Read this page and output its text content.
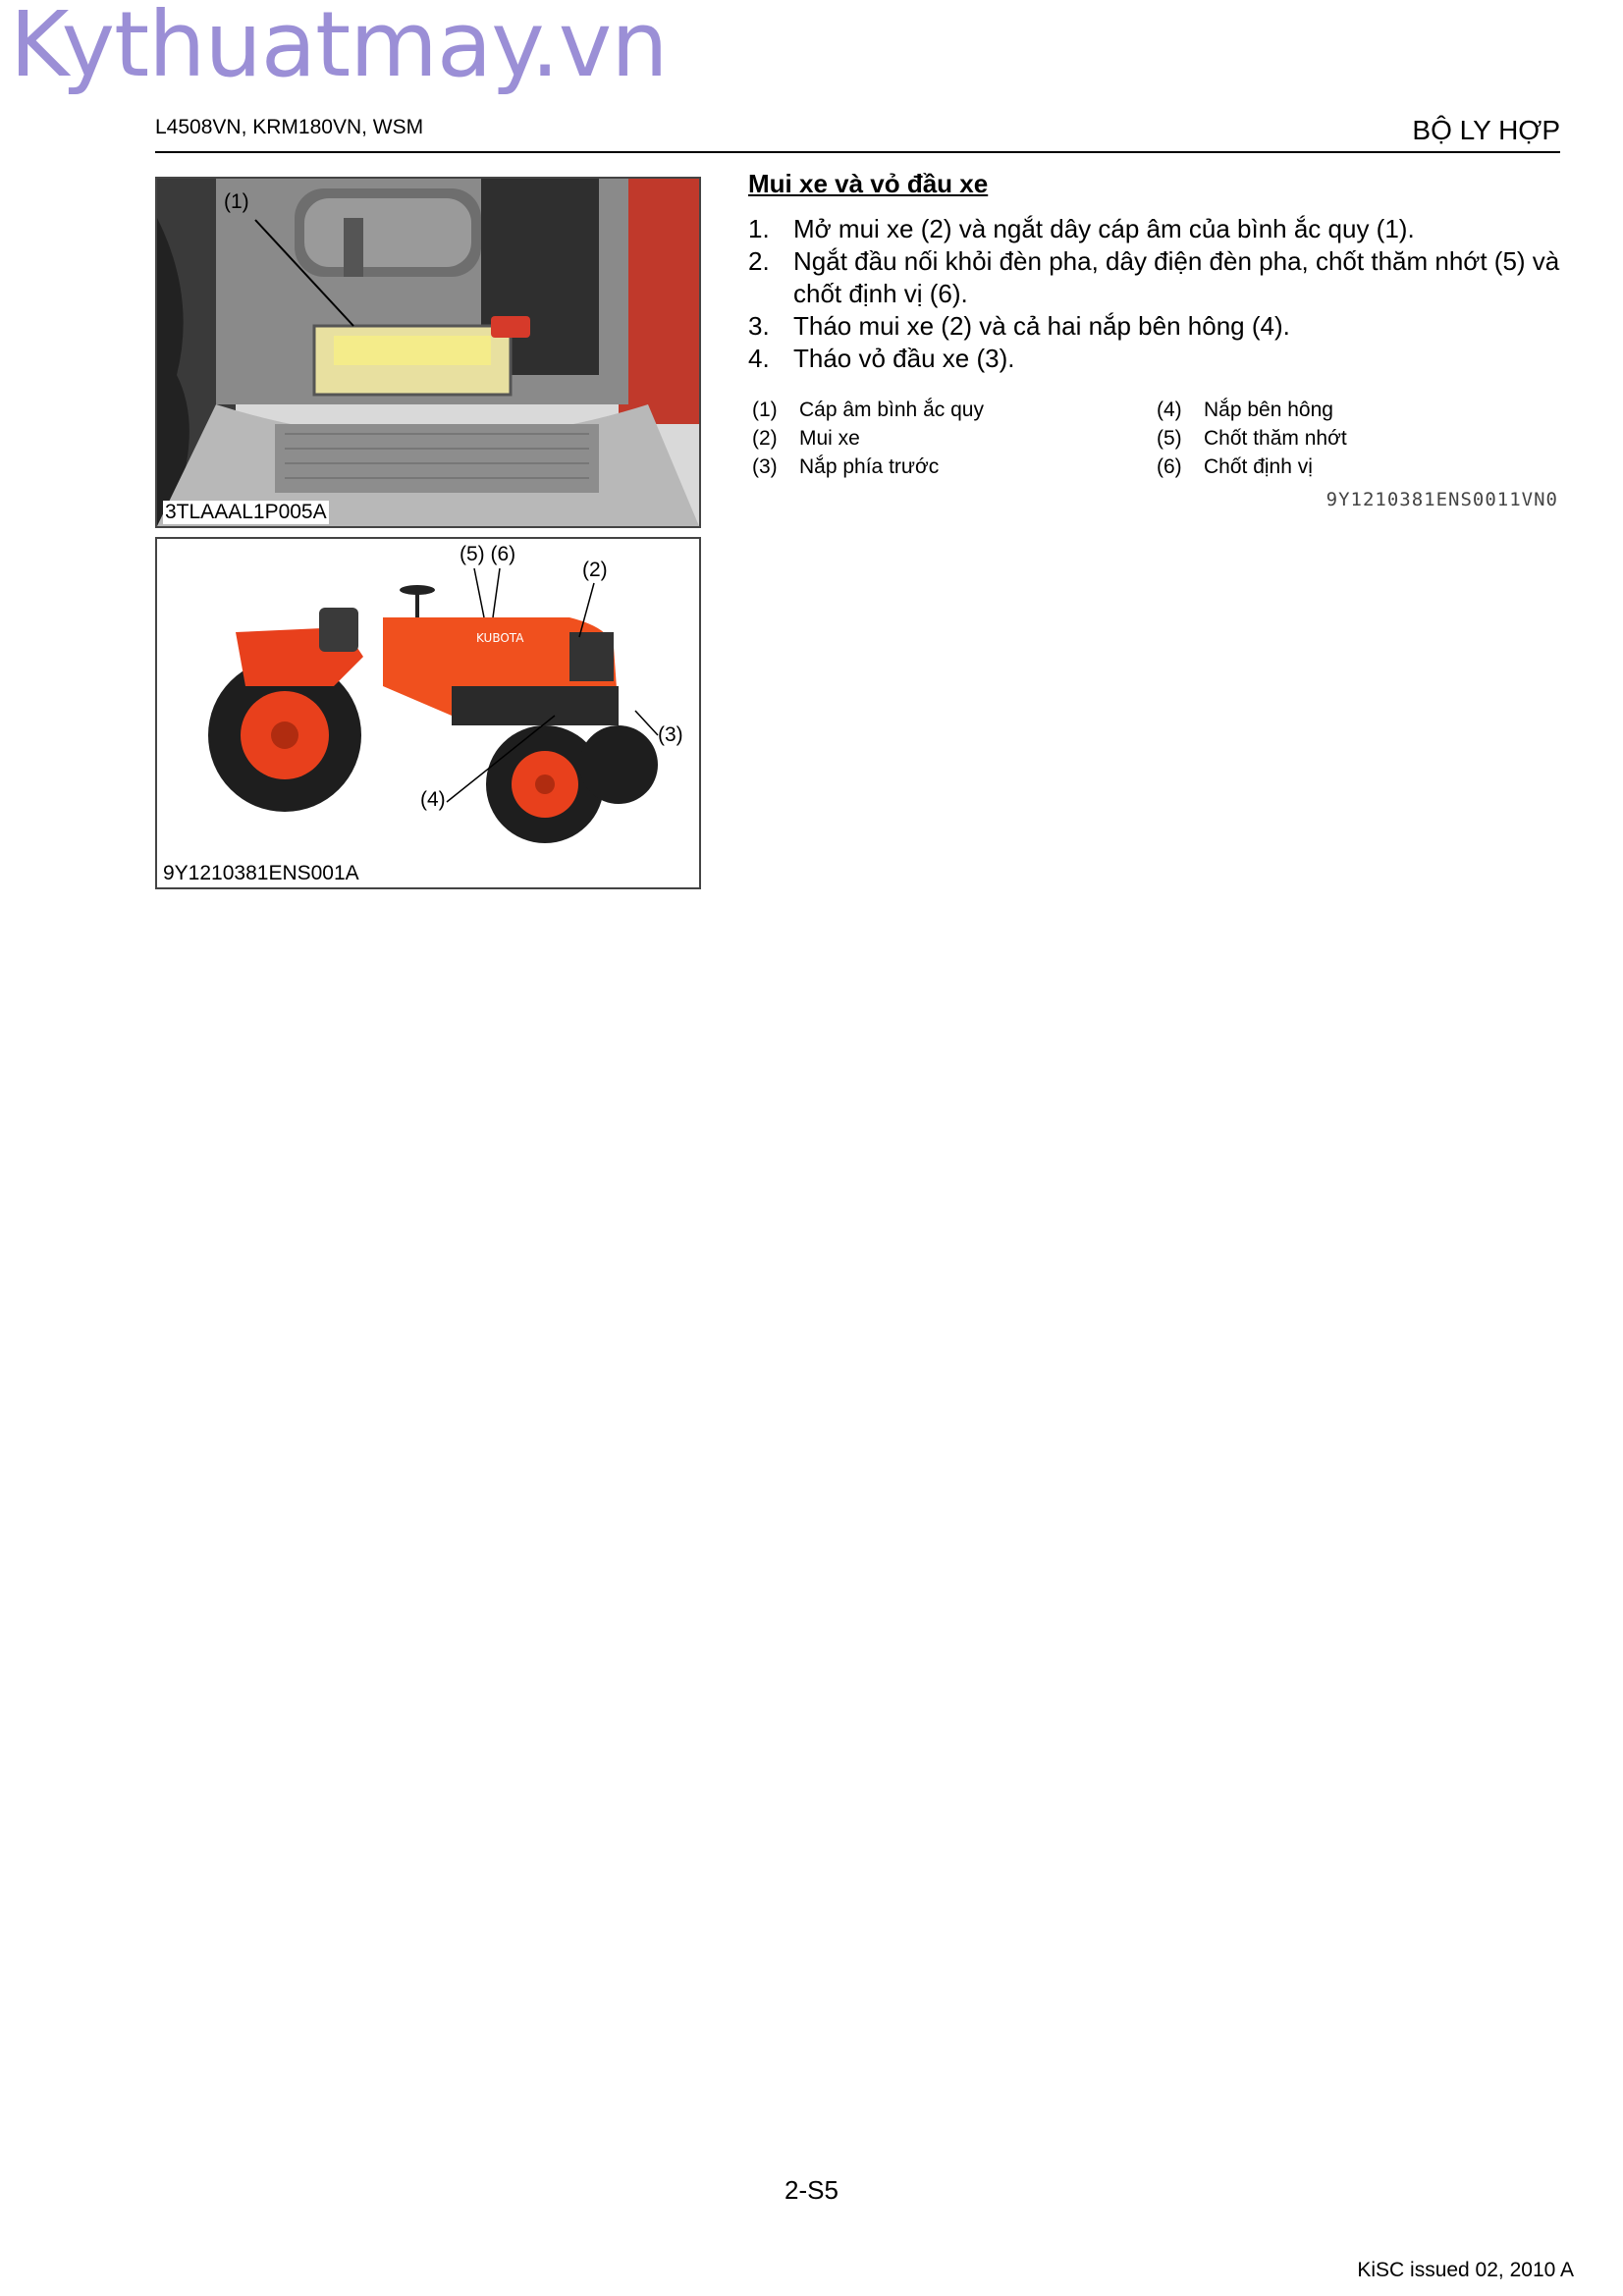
Kythuatmay.vn
L4508VN, KRM180VN, WSM	BỘ LY HỢP
(1)
3TLAAAL1P005A
KUBOTA
(5) (6)
(2)
(3)
(4)
9Y1210381ENS001A
Mui xe và vỏ đầu xe
1. Mở mui xe (2) và ngắt dây cáp âm của bình ắc quy (1).
2. Ngắt đầu nối khỏi đèn pha, dây điện đèn pha, chốt thăm nhớt (5) và chốt định vị (6).
3. Tháo mui xe (2) và cả hai nắp bên hông (4).
4. Tháo vỏ đầu xe (3).
(1)	Cáp âm bình ắc quy
(2)	Mui xe
(3)	Nắp phía trước
(4)	Nắp bên hông
(5)	Chốt thăm nhớt
(6)	Chốt định vị
9Y1210381ENS0011VN0
2-S5
KiSC issued 02, 2010 A
